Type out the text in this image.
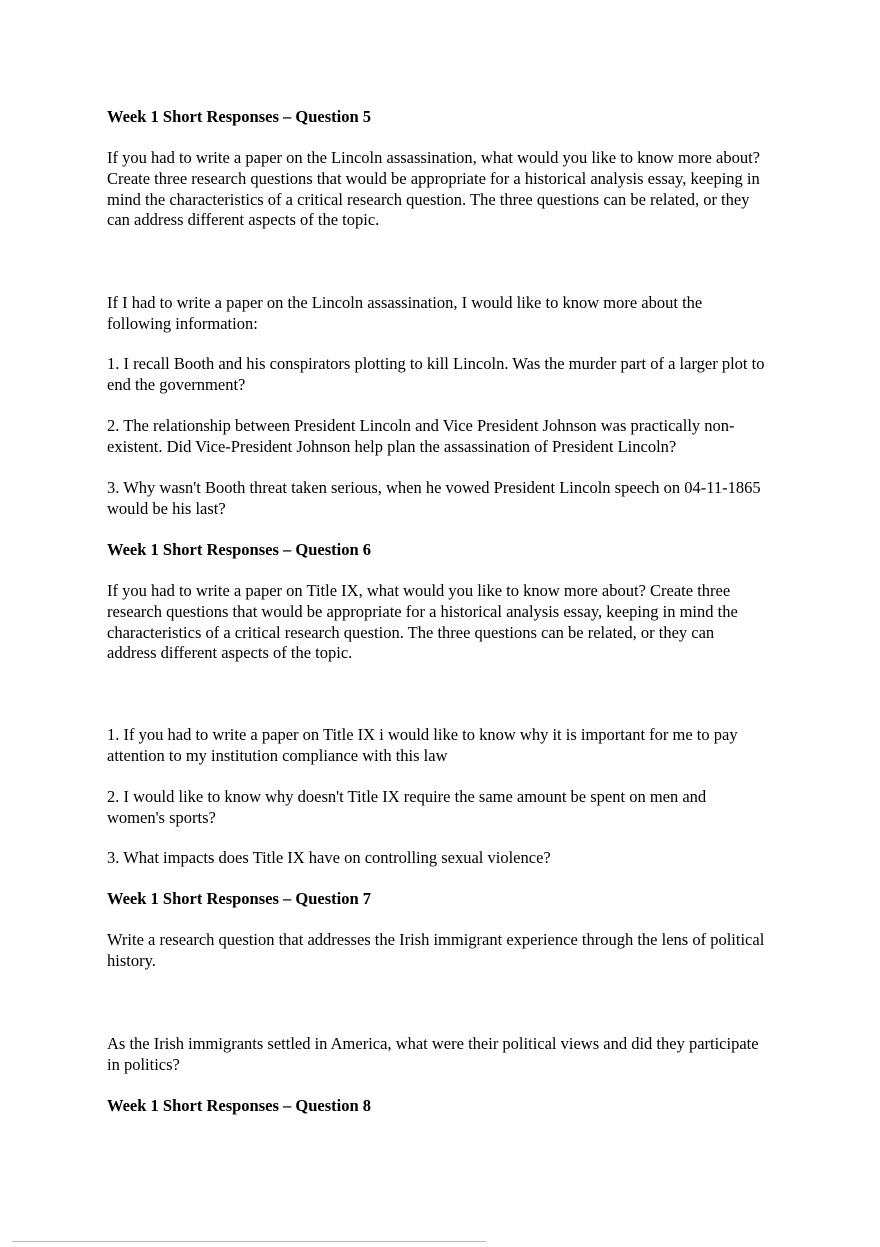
Week 1 Short Responses – Question 5

If you had to write a paper on the Lincoln assassination, what would you like to know more about? Create three research questions that would be appropriate for a historical analysis essay, keeping in mind the characteristics of a critical research question. The three questions can be related, or they can address different aspects of the topic.

If I had to write a paper on the Lincoln assassination, I would like to know more about the following information:

1. I recall Booth and his conspirators plotting to kill Lincoln. Was the murder part of a larger plot to end the government?

2. The relationship between President Lincoln and Vice President Johnson was practically non-existent. Did Vice-President Johnson help plan the assassination of President Lincoln?

3. Why wasn't Booth threat taken serious, when he vowed President Lincoln speech on 04-11-1865 would be his last?

Week 1 Short Responses – Question 6

If you had to write a paper on Title IX, what would you like to know more about? Create three research questions that would be appropriate for a historical analysis essay, keeping in mind the characteristics of a critical research question. The three questions can be related, or they can address different aspects of the topic.

1. If you had to write a paper on Title IX i would like to know why it is important for me to pay attention to my institution compliance with this law

2. I would like to know why doesn't Title IX require the same amount be spent on men and women's sports?

3. What impacts does Title IX have on controlling sexual violence?

Week 1 Short Responses – Question 7

Write a research question that addresses the Irish immigrant experience through the lens of political history.

As the Irish immigrants settled in America, what were their political views and did they participate in politics?

Week 1 Short Responses – Question 8
